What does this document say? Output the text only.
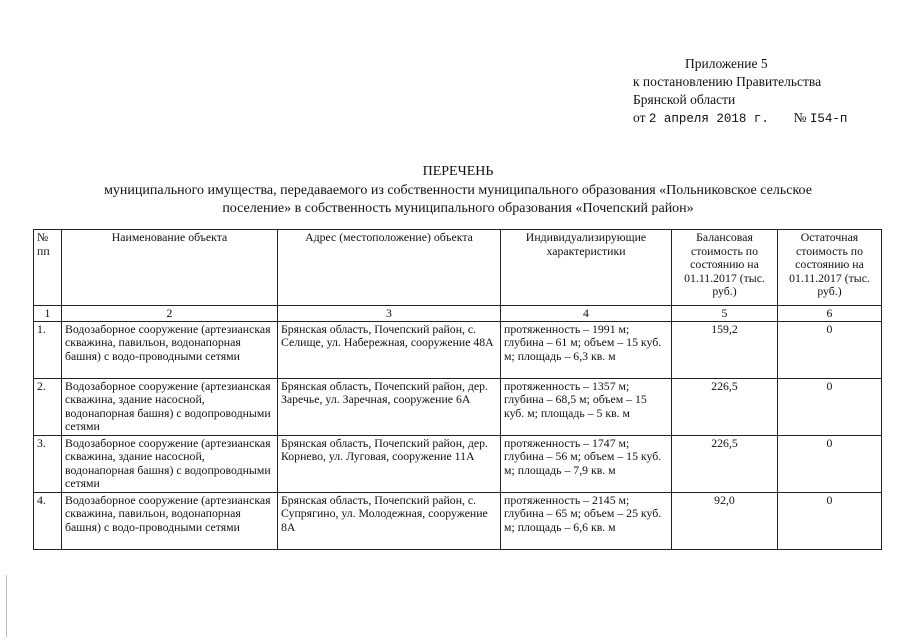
Приложение 5
к постановлению Правительства
Брянской области
от 2 апреля 2018 г. № I54-п
ПЕРЕЧЕНЬ
муниципального имущества, передаваемого из собственности муниципального образования «Польниковское сельское
поселение» в собственность муниципального образования «Почепский район»
№ пп	Наименование объекта	Адрес (местоположение) объекта	Индивидуализирующие характеристики	Балансовая стоимость по состоянию на 01.11.2017 (тыс. руб.)	Остаточная стоимость по состоянию на 01.11.2017 (тыс. руб.)
1	2	3	4	5	6
1.	Водозаборное сооружение (артезианская скважина, павильон, водонапорная башня) с водо-проводными сетями	Брянская область, Почепский район, с. Селище, ул. Набережная, сооружение 48А	протяженность – 1991 м; глубина – 61 м; объем – 15 куб. м; площадь – 6,3 кв. м	159,2	0
2.	Водозаборное сооружение (артезианская скважина, здание насосной, водонапорная башня) с водопроводными сетями	Брянская область, Почепский район, дер. Заречье, ул. Заречная, сооружение 6А	протяженность – 1357 м; глубина – 68,5 м; объем – 15 куб. м; площадь – 5 кв. м	226,5	0
3.	Водозаборное сооружение (артезианская скважина, здание насосной, водонапорная башня) с водопроводными сетями	Брянская область, Почепский район, дер. Корнево, ул. Луговая, сооружение 11А	протяженность – 1747 м; глубина – 56 м; объем – 15 куб. м; площадь – 7,9 кв. м	226,5	0
4.	Водозаборное сооружение (артезианская скважина, павильон, водонапорная башня) с водо-проводными сетями	Брянская область, Почепский район, с. Супрягино, ул. Молодежная, сооружение 8А	протяженность – 2145 м; глубина – 65 м; объем – 25 куб. м; площадь – 6,6 кв. м	92,0	0
